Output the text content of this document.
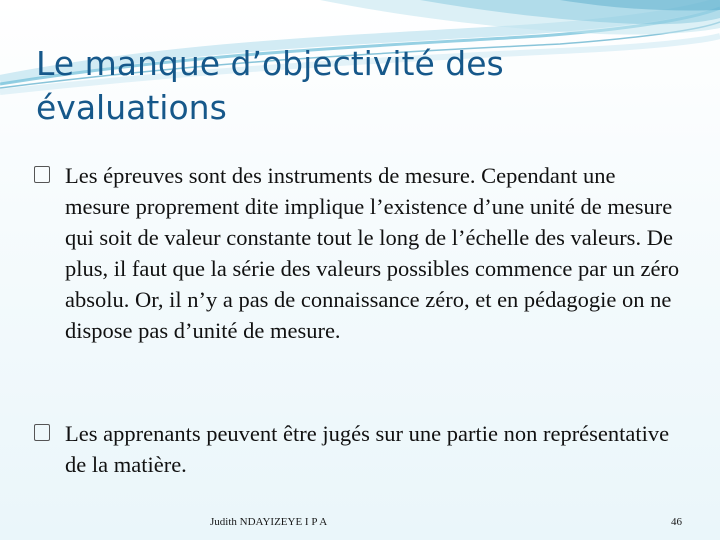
Le manque d’objectivité des évaluations
Les épreuves sont des instruments de mesure. Cependant une mesure proprement dite implique l’existence d’une unité de mesure qui soit de valeur constante tout le long de l’échelle des valeurs. De plus, il faut que la série des valeurs possibles commence par un zéro absolu. Or, il n’y a pas de connaissance zéro, et en pédagogie on ne dispose pas d’unité de mesure.
Les apprenants peuvent être jugés sur une partie non représentative de la matière.
Judith NDAYIZEYE I P A	46
